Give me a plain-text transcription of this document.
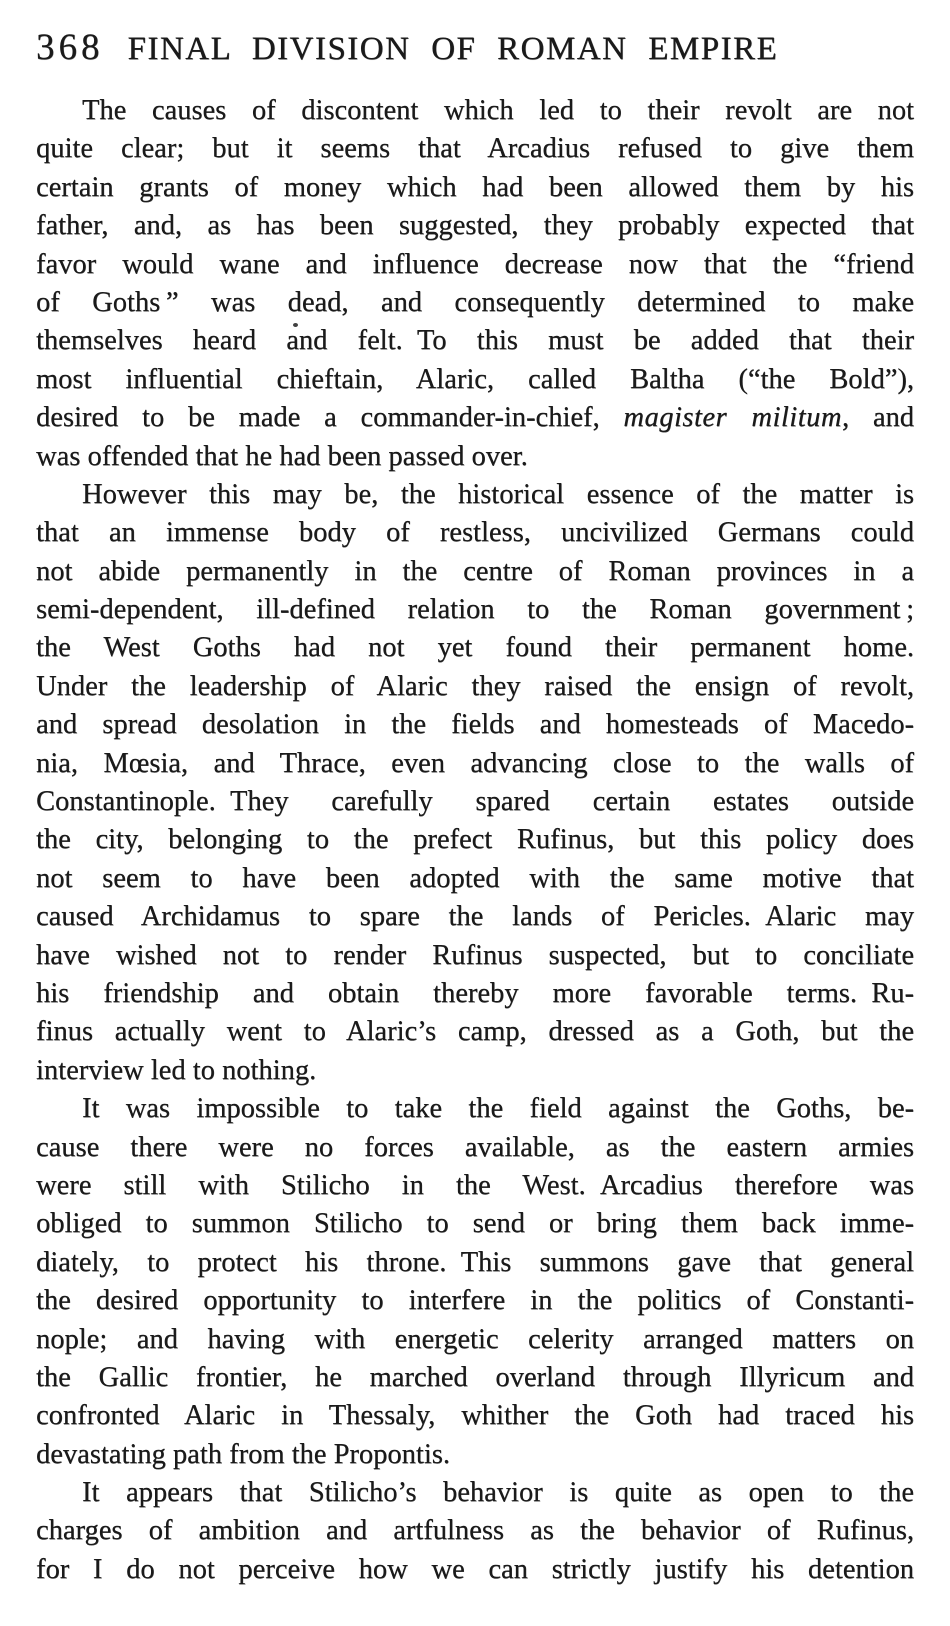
368 FINAL DIVISION OF ROMAN EMPIRE
The causes of discontent which led to their revolt are not
quite clear; but it seems that Arcadius refused to give them
certain grants of money which had been allowed them by his
father, and, as has been suggested, they probably expected that
favor would wane and influence decrease now that the “friend
of Goths ” was dead, and consequently determined to make
themselves heard and felt. To this must be added that their
most influential chieftain, Alaric, called Baltha (“the Bold”),
desired to be made a commander-in-chief, magister militum, and
was offended that he had been passed over.
However this may be, the historical essence of the matter is
that an immense body of restless, uncivilized Germans could
not abide permanently in the centre of Roman provinces in a
semi-dependent, ill-defined relation to the Roman government ;
the West Goths had not yet found their permanent home.
Under the leadership of Alaric they raised the ensign of revolt,
and spread desolation in the fields and homesteads of Macedo-
nia, Mœsia, and Thrace, even advancing close to the walls of
Constantinople. They carefully spared certain estates outside
the city, belonging to the prefect Rufinus, but this policy does
not seem to have been adopted with the same motive that
caused Archidamus to spare the lands of Pericles. Alaric may
have wished not to render Rufinus suspected, but to conciliate
his friendship and obtain thereby more favorable terms. Ru-
finus actually went to Alaric’s camp, dressed as a Goth, but the
interview led to nothing.
It was impossible to take the field against the Goths, be-
cause there were no forces available, as the eastern armies
were still with Stilicho in the West. Arcadius therefore was
obliged to summon Stilicho to send or bring them back imme-
diately, to protect his throne. This summons gave that general
the desired opportunity to interfere in the politics of Constanti-
nople; and having with energetic celerity arranged matters on
the Gallic frontier, he marched overland through Illyricum and
confronted Alaric in Thessaly, whither the Goth had traced his
devastating path from the Propontis.
It appears that Stilicho’s behavior is quite as open to the
charges of ambition and artfulness as the behavior of Rufinus,
for I do not perceive how we can strictly justify his detention
